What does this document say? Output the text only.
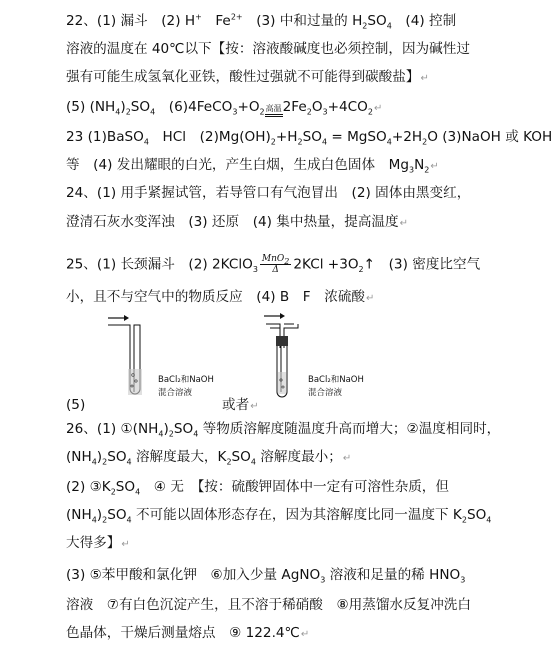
22、(1) 漏斗　(2) H+　$Fe^{2+}$　(3) 中和过量的 $H_2SO_4$　(4) 控制
溶液的温度在 40℃以下【按：溶液酸碱度也必须控制，因为碱性过
强有可能生成氢氧化亚铁，酸性过强就不可能得到碳酸盐】↵
(5) $(NH_4)_2SO_4$　$(6)4FeCO_3+O_2$高温$2Fe_2O_3+4CO_2↵$
23 (1)BaSO$_4$　HCl　$(2)Mg(OH)_2+H_2SO_4$ = $MgSO_4+2H_2O$ (3)NaOH 或 KOH
等　(4) 发出耀眼的白光，产生白烟，生成白色固体　$Mg_3N_2↵$
24、(1) 用手紧握试管，若导管口有气泡冒出　(2) 固体由黑变红，
澄清石灰水变浑浊　(3) 还原　(4) 集中热量，提高温度↵
25、(1) 长颈漏斗　(2) 2KClO$_3$ $\frac{MnO_2}{\Delta} 2KCl$ $+3O_2↑$　(3) 密度比空气
小，且不与空气中的物质反应　(4) B　F　浓硫酸↵
BaCl₂和NaOH
混合溶液
BaCl₂和NaOH
混合溶液
(5)	或者↵
26、(1) $①(NH_4)_2SO_4$ 等物质溶解度随温度升高而增大；②温度相同时，
$(NH_4)_2SO_4$ 溶解度最大，$K_2SO_4$ 溶解度最小；↵
(2) $③K_2SO_4$　④ 无　【按：硫酸钾固体中一定有可溶性杂质，但
$(NH_4)_2SO_4$ 不可能以固体形态存在，因为其溶解度比同一温度下 $K_2SO_4$
大得多】↵
(3) ⑤苯甲酸和氯化钾　⑥加入少量 AgNO$_3$ 溶液和足量的稀 $HNO_3$
溶液　⑦有白色沉淀产生，且不溶于稀硝酸　⑧用蒸馏水反复冲洗白
色晶体，干燥后测量熔点　⑨ 122.4℃↵
